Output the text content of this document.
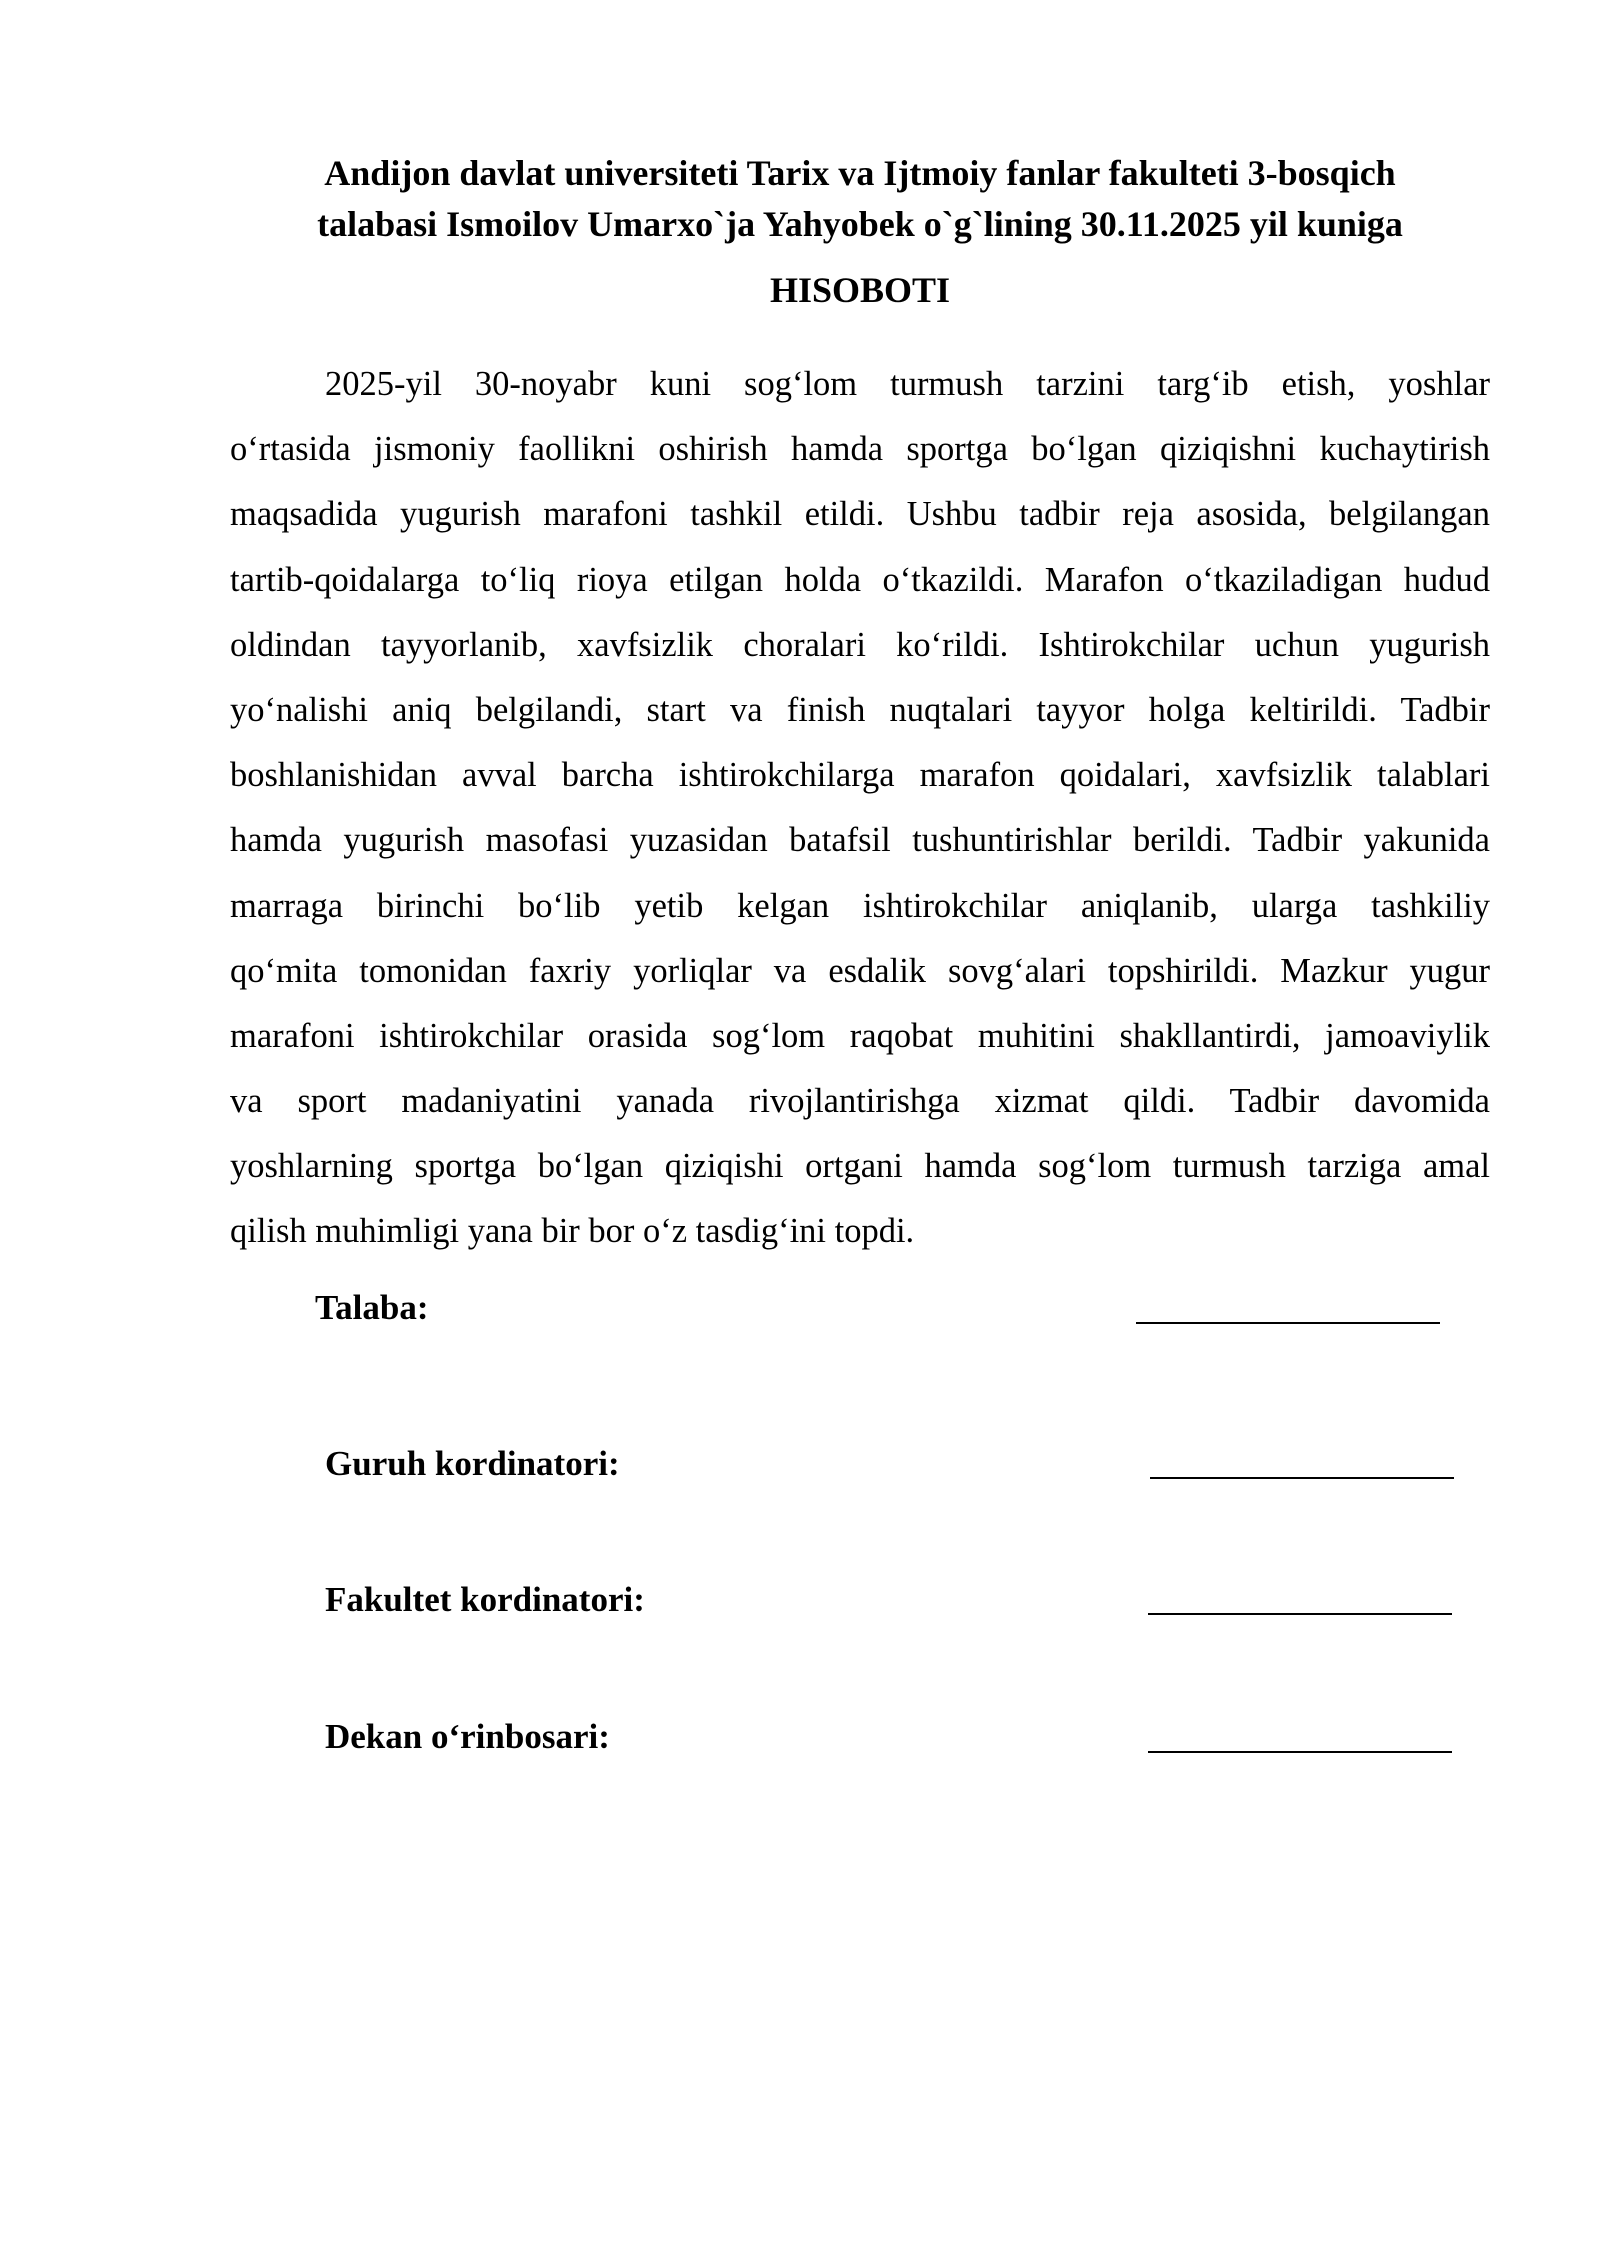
Andijon davlat universiteti Tarix va Ijtmoiy fanlar fakulteti 3-bosqich
talabasi Ismoilov Umarxo`ja Yahyobek o`g`lining 30.11.2025 yil kuniga
HISOBOTI
2025-yil 30-noyabr kuni sog‘lom turmush tarzini targ‘ib etish, yoshlar
o‘rtasida jismoniy faollikni oshirish hamda sportga bo‘lgan qiziqishni kuchaytirish
maqsadida yugurish marafoni tashkil etildi. Ushbu tadbir reja asosida, belgilangan
tartib-qoidalarga to‘liq rioya etilgan holda o‘tkazildi. Marafon o‘tkaziladigan hudud
oldindan tayyorlanib, xavfsizlik choralari ko‘rildi. Ishtirokchilar uchun yugurish
yo‘nalishi aniq belgilandi, start va finish nuqtalari tayyor holga keltirildi. Tadbir
boshlanishidan avval barcha ishtirokchilarga marafon qoidalari, xavfsizlik talablari
hamda yugurish masofasi yuzasidan batafsil tushuntirishlar berildi. Tadbir yakunida
marraga birinchi bo‘lib yetib kelgan ishtirokchilar aniqlanib, ularga tashkiliy
qo‘mita tomonidan faxriy yorliqlar va esdalik sovg‘alari topshirildi. Mazkur yugur
marafoni ishtirokchilar orasida sog‘lom raqobat muhitini shakllantirdi, jamoaviylik
va sport madaniyatini yanada rivojlantirishga xizmat qildi. Tadbir davomida
yoshlarning sportga bo‘lgan qiziqishi ortgani hamda sog‘lom turmush tarziga amal
qilish muhimligi yana bir bor o‘z tasdig‘ini topdi.
Talaba:
Guruh kordinatori:
Fakultet kordinatori:
Dekan o‘rinbosari:
